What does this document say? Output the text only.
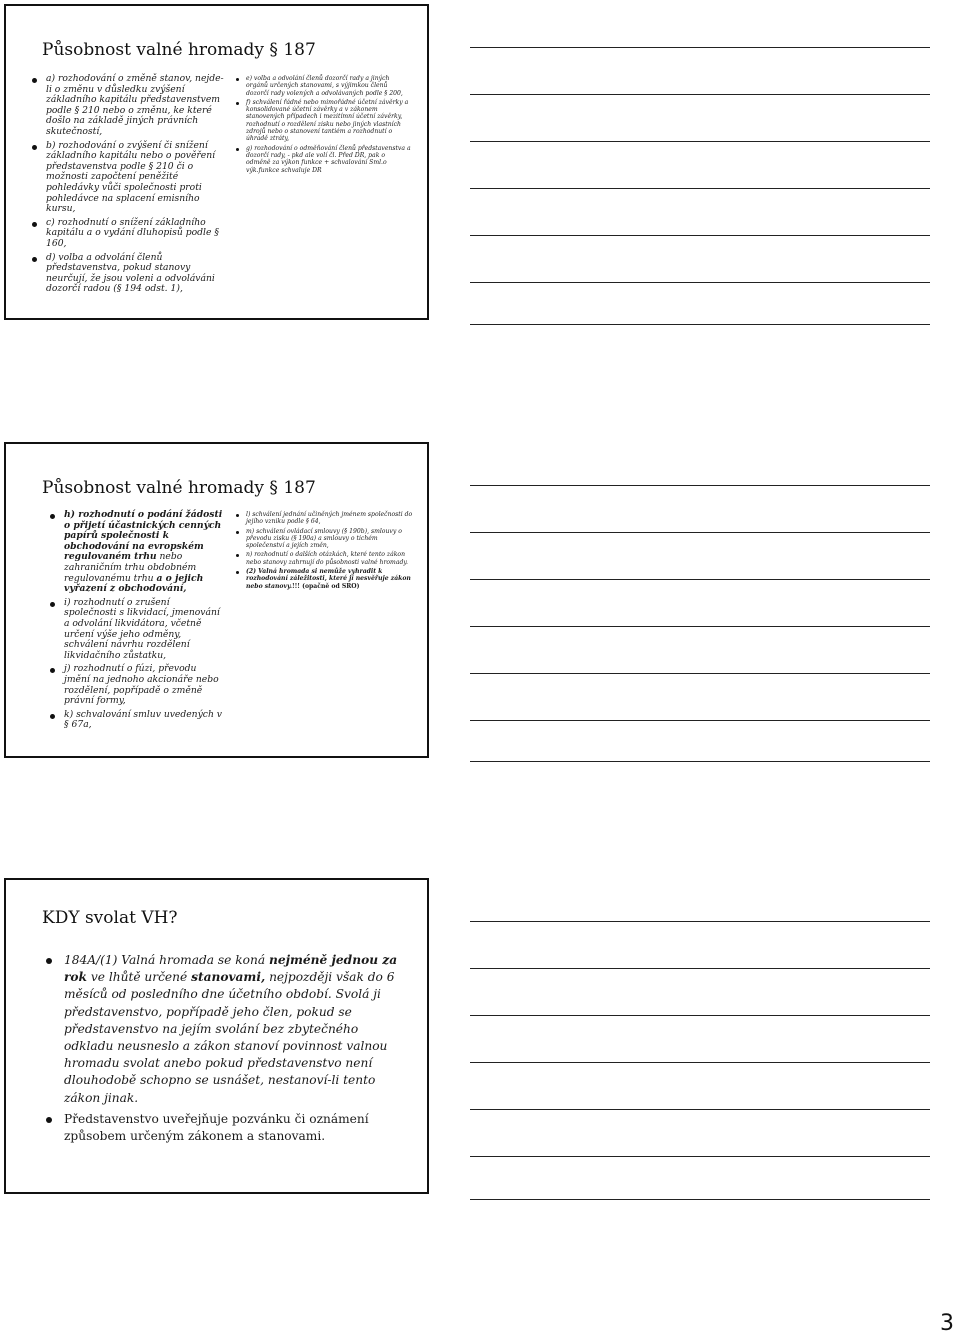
Působnost valné hromady § 187
a) rozhodování o změně stanov, nejde-li o změnu v důsledku zvýšení základního kapitálu představenstvem podle § 210 nebo o změnu, ke které došlo na základě jiných právních skutečností,
b) rozhodování o zvýšení či snížení základního kapitálu nebo o pověření představenstva podle § 210 či o možnosti započtení peněžité pohledávky vůči společnosti proti pohledávce na splacení emisního kursu,
c) rozhodnutí o snížení základního kapitálu a o vydání dluhopisů podle § 160,
d) volba a odvolání členů představenstva, pokud stanovy neurčují, že jsou voleni a odvoláváni dozorčí radou (§ 194 odst. 1),
e) volba a odvolání členů dozorčí rady a jiných orgánů určených stanovami, s výjimkou členů dozorčí rady volených a odvolávaných podle § 200,
f) schválení řádné nebo mimořádné účetní závěrky a konsolidované účetní závěrky a v zákonem stanovených případech i mezitímní účetní závěrky, rozhodnutí o rozdělení zisku nebo jiných vlastních zdrojů nebo o stanovení tantiém a rozhodnutí o úhradě ztráty,
g) rozhodování o odměňování členů představenstva a dozorčí rady, - pkd ale volí čl. Před DR, pak o odměně za výkon funkce + schvalování Sml.o výk.funkce schvaluje DR
Působnost valné hromady § 187
h) rozhodnutí o podání žádosti o přijetí účastnických cenných papírů společnosti k obchodování na evropském regulovaném trhu nebo zahraničním trhu obdobném regulovanému trhu a o jejich vyřazení z obchodování,
i) rozhodnutí o zrušení společnosti s likvidací, jmenování a odvolání likvidátora, včetně určení výše jeho odměny, schválení návrhu rozdělení likvidačního zůstatku,
j) rozhodnutí o fúzi, převodu jmění na jednoho akcionáře nebo rozdělení, popřípadě o změně právní formy,
k) schvalování smluv uvedených v § 67a,
l) schválení jednání učiněných jménem společnosti do jejího vzniku podle § 64,
m) schválení ovládací smlouvy (§ 190b), smlouvy o převodu zisku (§ 190a) a smlouvy o tichém společenství a jejích změn,
n) rozhodnutí o dalších otázkách, které tento zákon nebo stanovy zahrnují do působnosti valné hromady.
(2) Valná hromada si nemůže vyhradit k rozhodování záležitosti, které jí nesvěřuje zákon nebo stanovy.!!! (opačně od SRO)
KDY svolat VH?
184A/(1) Valná hromada se koná nejméně jednou za rok ve lhůtě určené stanovami, nejpozději však do 6 měsíců od posledního dne účetního období. Svolá ji představenstvo, popřípadě jeho člen, pokud se představenstvo na jejím svolání bez zbytečného odkladu neusneslo a zákon stanoví povinnost valnou hromadu svolat anebo pokud představenstvo není dlouhodobě schopno se usnášet, nestanoví-li tento zákon jinak.
Představenstvo uveřejňuje pozvánku či oznámení způsobem určeným zákonem a stanovami.
3
